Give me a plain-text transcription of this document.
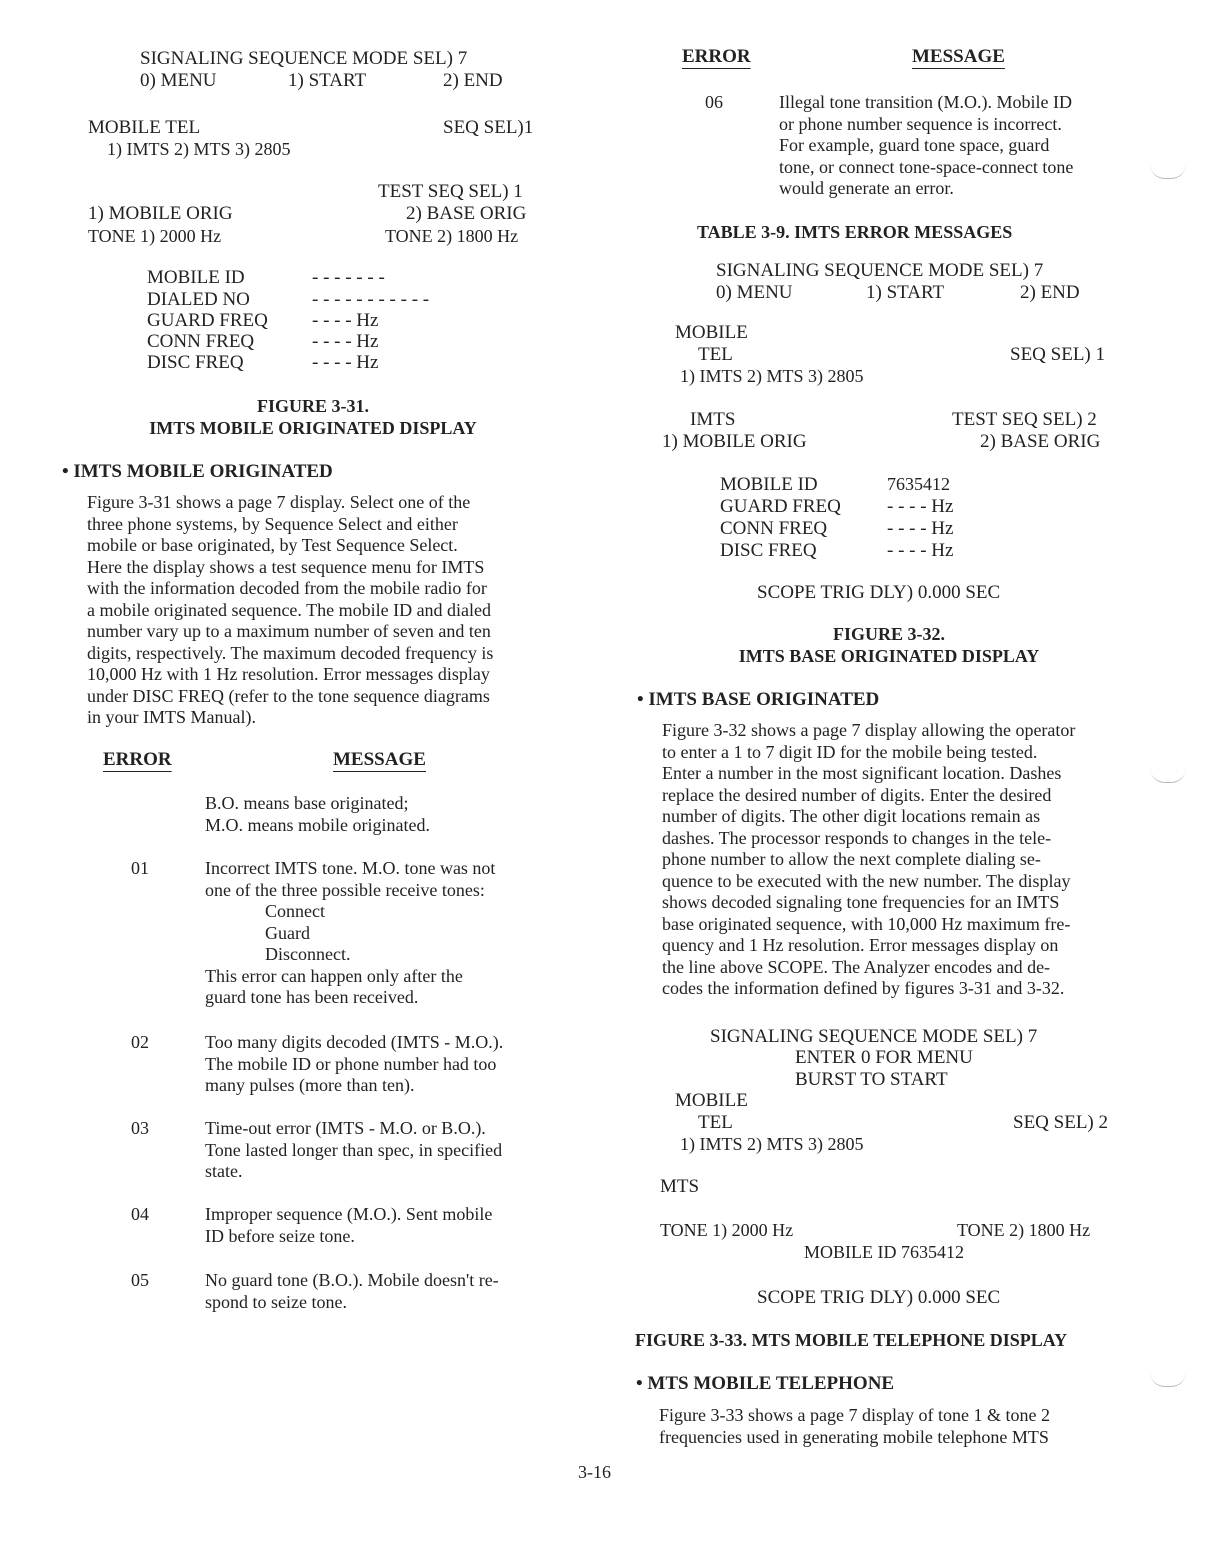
SIGNALING SEQUENCE MODE SEL) 7
0) MENU	1) START	2) END
MOBILE TEL	SEQ SEL)1
1) IMTS 2) MTS 3) 2805
TEST SEQ SEL) 1
1) MOBILE ORIG	2) BASE ORIG
TONE 1) 2000 Hz	TONE 2) 1800 Hz
MOBILE ID	- - - - - - -
DIALED NO	- - - - - - - - - - -
GUARD FREQ - - - - Hz
CONN FREQ	- - - - Hz
DISC FREQ	- - - - Hz
FIGURE 3-31.
IMTS MOBILE ORIGINATED DISPLAY
• IMTS MOBILE ORIGINATED

Figure 3-31 shows a page 7 display. Select one of the

three phone systems, by Sequence Select and either

mobile or base originated, by Test Sequence Select.

Here the display shows a test sequence menu for IMTS

with the information decoded from the mobile radio for

a mobile originated sequence. The mobile ID and dialed

number vary up to a maximum number of seven and ten

digits, respectively. The maximum decoded frequency is

10,000 Hz with 1 Hz resolution. Error messages display

under DISC FREQ (refer to the tone sequence diagrams

in your IMTS Manual).

ERROR	MESSAGE
B.O. means base originated;
M.O. means mobile originated.
01	Incorrect IMTS tone. M.O. tone was not
one of the three possible receive tones:
Connect
Guard
Disconnect.
This error can happen only after the
guard tone has been received.
02	Too many digits decoded (IMTS - M.O.).
The mobile ID or phone number had too
many pulses (more than ten).
03	Time-out error (IMTS - M.O. or B.O.).
Tone lasted longer than spec, in specified
state.
04	Improper sequence (M.O.). Sent mobile
ID before seize tone.
05	No guard tone (B.O.). Mobile doesn't re-
spond to seize tone.
ERROR	MESSAGE
06	Illegal tone transition (M.O.). Mobile ID
or phone number sequence is incorrect.
For example, guard tone space, guard
tone, or connect tone-space-connect tone
would generate an error.
TABLE 3-9. IMTS ERROR MESSAGES
SIGNALING SEQUENCE MODE SEL) 7
0) MENU	1) START	2) END
MOBILE
TEL	SEQ SEL) 1
1) IMTS 2) MTS 3) 2805
IMTS	TEST SEQ SEL) 2
1) MOBILE ORIG	2) BASE ORIG
MOBILE ID	7635412
GUARD FREQ - - - - Hz
CONN FREQ	- - - - Hz
DISC FREQ	- - - - Hz
SCOPE TRIG DLY) 0.000 SEC
FIGURE 3-32.
IMTS BASE ORIGINATED DISPLAY
• IMTS BASE ORIGINATED

Figure 3-32 shows a page 7 display allowing the operator

to enter a 1 to 7 digit ID for the mobile being tested.

Enter a number in the most significant location. Dashes

replace the desired number of digits. Enter the desired

number of digits. The other digit locations remain as

dashes. The processor responds to changes in the tele-

phone number to allow the next complete dialing se-

quence to be executed with the new number. The display

shows decoded signaling tone frequencies for an IMTS

base originated sequence, with 10,000 Hz maximum fre-

quency and 1 Hz resolution. Error messages display on

the line above SCOPE. The Analyzer encodes and de-

codes the information defined by figures 3-31 and 3-32.

SIGNALING SEQUENCE MODE SEL) 7
ENTER 0 FOR MENU
BURST TO START
MOBILE
TEL	SEQ SEL) 2
1) IMTS 2) MTS 3) 2805
MTS
TONE 1) 2000 Hz	TONE 2) 1800 Hz
MOBILE ID 7635412
SCOPE TRIG DLY) 0.000 SEC
FIGURE 3-33. MTS MOBILE TELEPHONE DISPLAY
• MTS MOBILE TELEPHONE

Figure 3-33 shows a page 7 display of tone 1 & tone 2

frequencies used in generating mobile telephone MTS

3-16
